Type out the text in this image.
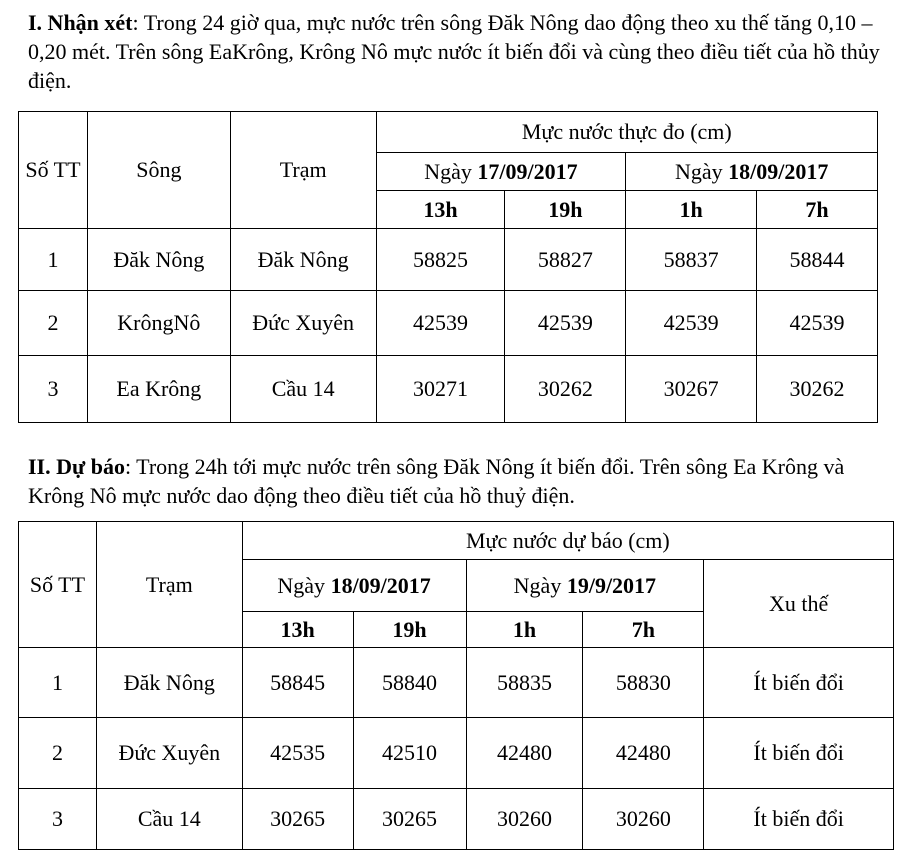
I. Nhận xét: Trong 24 giờ qua, mực nước trên sông Đăk Nông dao động theo xu thế tăng 0,10 – 0,20 mét. Trên sông EaKrông, Krông Nô mực nước ít biến đổi và cùng theo điều tiết của hồ thủy điện.
Số TT	Sông	Trạm	Mực nước thực đo (cm)			
			Ngày 17/09/2017		Ngày 18/09/2017	
			13h	19h	1h	7h
1	Đăk Nông	Đăk Nông	58825	58827	58837	58844
2	KrôngNô	Đức Xuyên	42539	42539	42539	42539
3	Ea Krông	Cầu 14	30271	30262	30267	30262
II. Dự báo: Trong 24h tới mực nước trên sông Đăk Nông ít biến đổi. Trên sông Ea Krông và Krông Nô mực nước dao động theo điều tiết của hồ thuỷ điện.
Số TT	Trạm	Mực nước dự báo (cm)				
		Ngày 18/09/2017		Ngày 19/9/2017		Xu thế
		13h	19h	1h	7h	
1	Đăk Nông	58845	58840	58835	58830	Ít biến đổi
2	Đức Xuyên	42535	42510	42480	42480	Ít biến đổi
3	Cầu 14	30265	30265	30260	30260	Ít biến đổi
